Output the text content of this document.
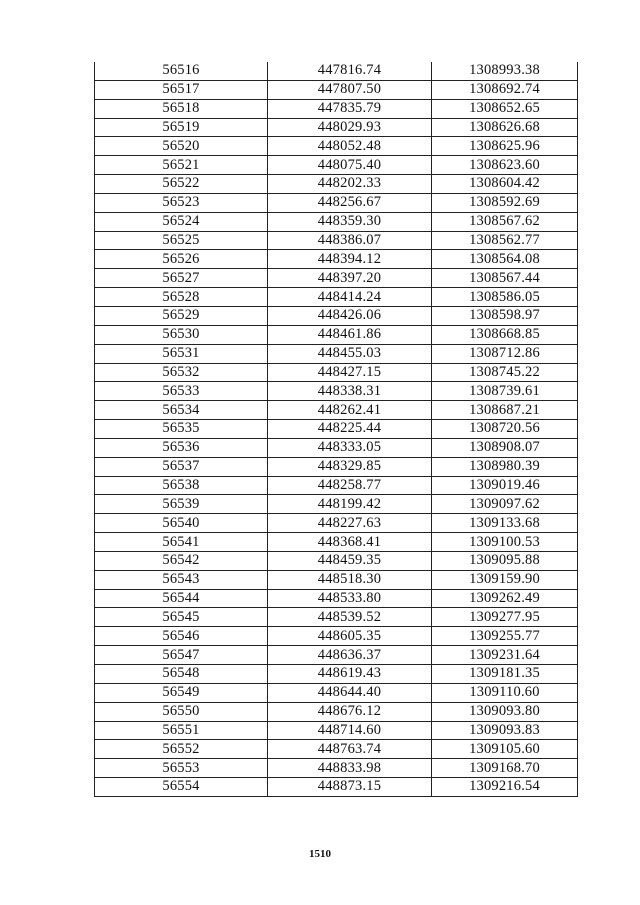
56516	447816.74	1308993.38
56517	447807.50	1308692.74
56518	447835.79	1308652.65
56519	448029.93	1308626.68
56520	448052.48	1308625.96
56521	448075.40	1308623.60
56522	448202.33	1308604.42
56523	448256.67	1308592.69
56524	448359.30	1308567.62
56525	448386.07	1308562.77
56526	448394.12	1308564.08
56527	448397.20	1308567.44
56528	448414.24	1308586.05
56529	448426.06	1308598.97
56530	448461.86	1308668.85
56531	448455.03	1308712.86
56532	448427.15	1308745.22
56533	448338.31	1308739.61
56534	448262.41	1308687.21
56535	448225.44	1308720.56
56536	448333.05	1308908.07
56537	448329.85	1308980.39
56538	448258.77	1309019.46
56539	448199.42	1309097.62
56540	448227.63	1309133.68
56541	448368.41	1309100.53
56542	448459.35	1309095.88
56543	448518.30	1309159.90
56544	448533.80	1309262.49
56545	448539.52	1309277.95
56546	448605.35	1309255.77
56547	448636.37	1309231.64
56548	448619.43	1309181.35
56549	448644.40	1309110.60
56550	448676.12	1309093.80
56551	448714.60	1309093.83
56552	448763.74	1309105.60
56553	448833.98	1309168.70
56554	448873.15	1309216.54
1510
